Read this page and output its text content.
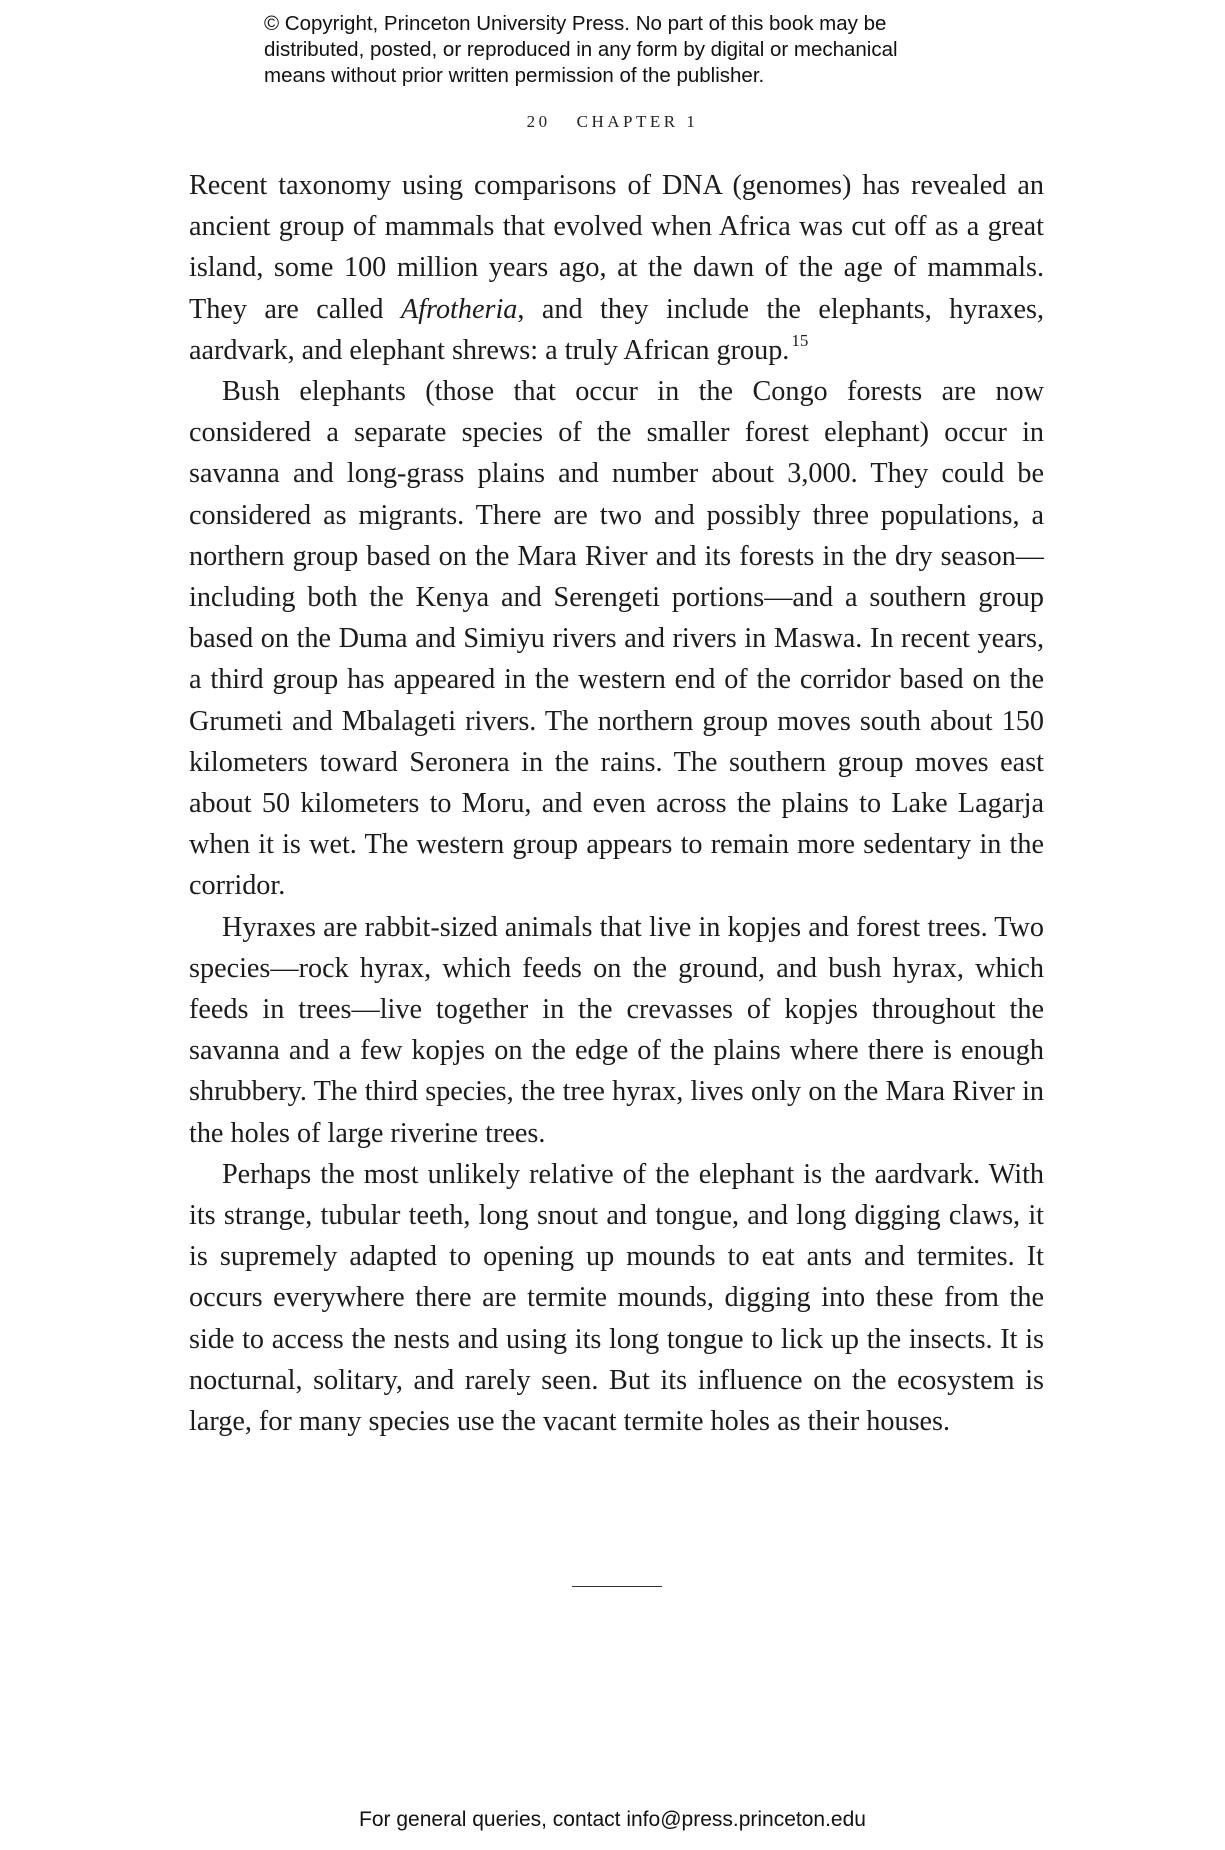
© Copyright, Princeton University Press. No part of this book may be
distributed, posted, or reproduced in any form by digital or mechanical
means without prior written permission of the publisher.
20 CHAPTER 1

Recent taxonomy using comparisons of DNA (genomes) has revealed an ancient group of mammals that evolved when Africa was cut off as a great island, some 100 million years ago, at the dawn of the age of mammals. They are called Afrotheria, and they include the elephants, hyraxes, aardvark, and elephant shrews: a truly African group. $^{15}$

Bush elephants (those that occur in the Congo forests are now considered a separate species of the smaller forest elephant) occur in savanna and long-grass plains and number about 3,000. They could be considered as migrants. There are two and possibly three populations, a northern group based on the Mara River and its forests in the dry season—including both the Kenya and Serengeti portions—and a southern group based on the Duma and Simiyu rivers and rivers in Maswa. In recent years, a third group has appeared in the western end of the corridor based on the Grumeti and Mbalageti rivers. The northern group moves south about 150 kilometers toward Seronera in the rains. The southern group moves east about 50 kilometers to Moru, and even across the plains to Lake Lagarja when it is wet. The western group appears to remain more sedentary in the corridor.

Hyraxes are rabbit-sized animals that live in kopjes and forest trees. Two species—rock hyrax, which feeds on the ground, and bush hyrax, which feeds in trees—live together in the crevasses of kopjes throughout the savanna and a few kopjes on the edge of the plains where there is enough shrubbery. The third species, the tree hyrax, lives only on the Mara River in the holes of large riverine trees.

Perhaps the most unlikely relative of the elephant is the aardvark. With its strange, tubular teeth, long snout and tongue, and long digging claws, it is supremely adapted to opening up mounds to eat ants and termites. It occurs everywhere there are termite mounds, digging into these from the side to access the nests and using its long tongue to lick up the insects. It is nocturnal, solitary, and rarely seen. But its influence on the ecosystem is large, for many species use the vacant termite holes as their houses.

For general queries, contact info@press.princeton.edu
